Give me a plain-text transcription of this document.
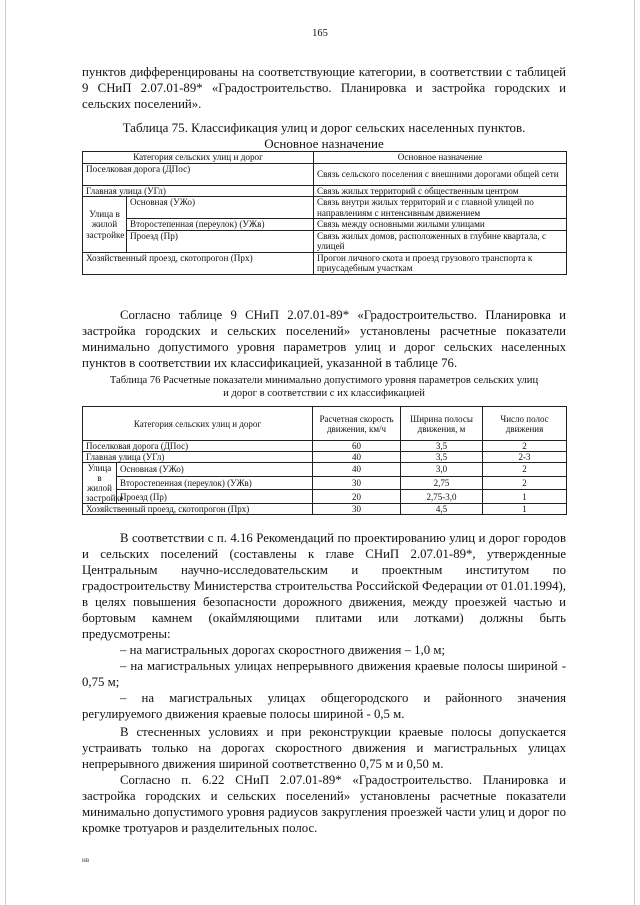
165
пунктов дифференцированы на соответствующие категории, в соответствии с таблицей 9 СНиП 2.07.01-89* «Градостроительство. Планировка и застройка городских и сельских поселений».
Таблица 75. Классификация улиц и дорог сельских населенных пунктов.
Основное назначение
Категория сельских улиц и дорог		Основное назначение
Поселковая дорога (ДПос)		Связь сельского поселения с внешними дорогами общей сети
Главная улица (УГл)		Связь жилых территорий с общественным центром
Улица в жилой застройке	Основная (УЖо)	Связь внутри жилых территорий и с главной улицей по направлениям с интенсивным движением
	Второстепенная (переулок) (УЖв)	Связь между основными жилыми улицами
	Проезд (Пр)	Связь жилых домов, расположенных в глубине квартала, с улицей
Хозяйственный проезд, скотопрогон (Прх)		Прогон личного скота и проезд грузового транспорта к приусадебным участкам
Согласно таблице 9 СНиП 2.07.01-89* «Градостроительство. Планировка и застройка городских и сельских поселений» установлены расчетные показатели минимально допустимого уровня параметров улиц и дорог сельских населенных пунктов в соответствии их классификацией, указанной в таблице 76.
Таблица 76 Расчетные показатели минимально допустимого уровня параметров сельских улиц
и дорог в соответствии с их классификацией
Категория сельских улиц и дорог		Расчетная скорость движения, км/ч	Ширина полосы движения, м	Число полос движения
Поселковая дорога (ДПос)		60	3,5	2
Главная улица (УГл)		40	3,5	2-3
Улица в жилой застройке	Основная (УЖо)	40	3,0	2
	Второстепенная (переулок) (УЖв)	30	2,75	2
	Проезд (Пр)	20	2,75-3,0	1
Хозяйственный проезд, скотопрогон (Прх)		30	4,5	1
В соответствии с п. 4.16 Рекомендаций по проектированию улиц и дорог городов и сельских поселений (составлены к главе СНиП 2.07.01-89*, утвержденные Центральным научно-исследовательским и проектным институтом по градостроительству Министерства строительства Российской Федерации от 01.01.1994), в целях повышения безопасности дорожного движения, между проезжей частью и бортовым камнем (окаймляющими плитами или лотками) должны быть предусмотрены:
– на магистральных дорогах скоростного движения – 1,0 м;
– на магистральных улицах непрерывного движения краевые полосы шириной - 0,75 м;
– на магистральных улицах общегородского и районного значения регулируемого движения краевые полосы шириной - 0,5 м.
В стесненных условиях и при реконструкции краевые полосы допускается устраивать только на дорогах скоростного движения и магистральных улицах непрерывного движения шириной соответственно 0,75 м и 0,50 м.
Согласно п. 6.22 СНиП 2.07.01-89* «Градостроительство. Планировка и застройка городских и сельских поселений» установлены расчетные показатели минимально допустимого уровня радиусов закругления проезжей части улиц и дорог по кромке тротуаров и разделительных полос.
нв
